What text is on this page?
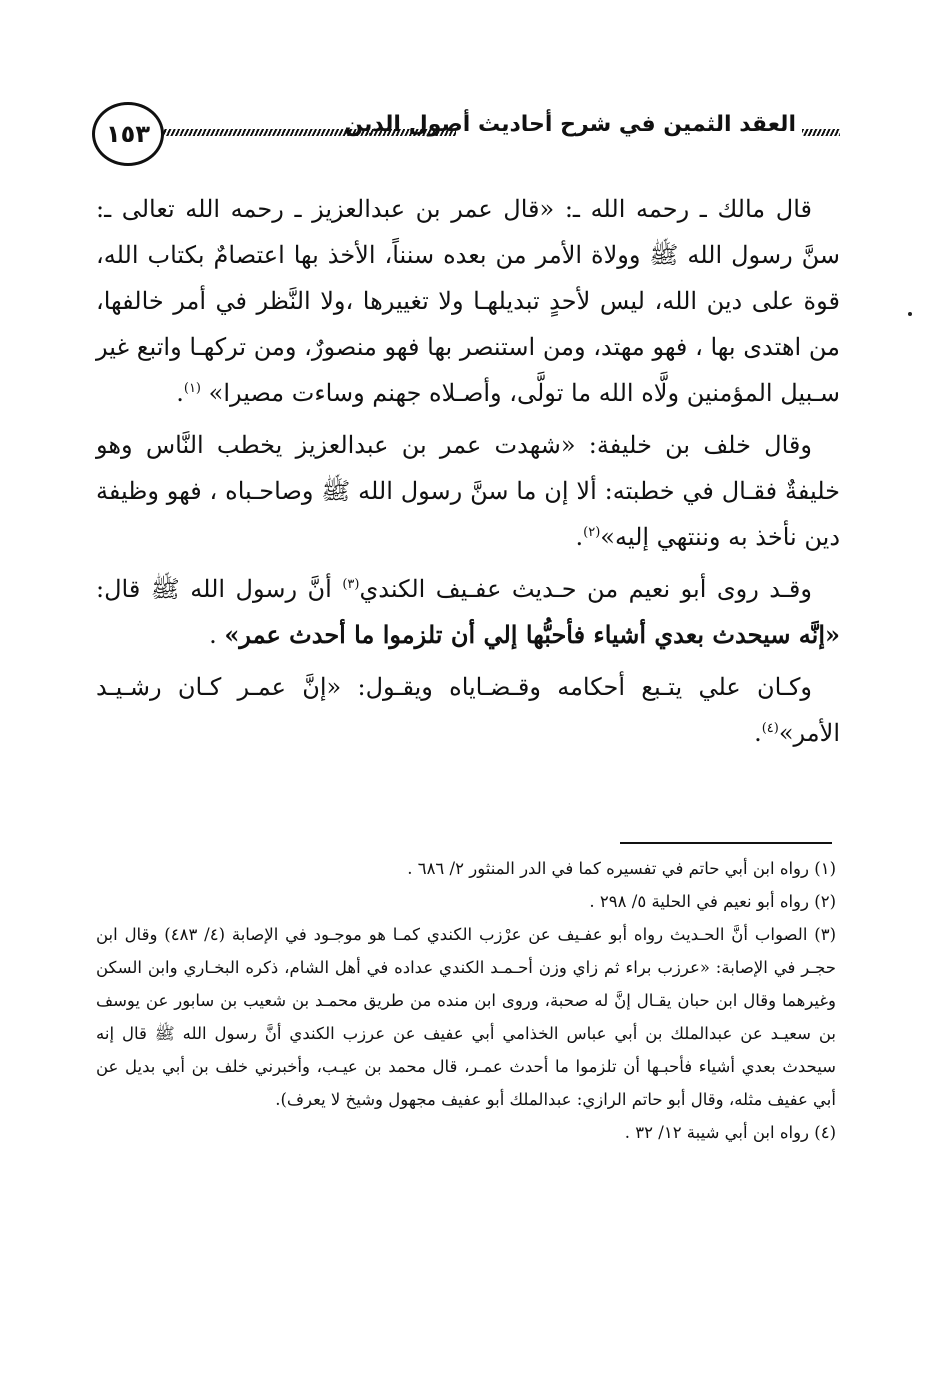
١٥٣	العقد الثمين في شرح أحاديث أصول الدين

قال مالك ـ رحمه الله ـ: «قال عمر بن عبدالعزيز ـ رحمه الله تعالى ـ: سنَّ رسول الله ﷺ وولاة الأمر من بعده سنناً، الأخذ بها اعتصامٌ بكتاب الله، قوة على دين الله، ليس لأحدٍ تبديلهـا ولا تغييرها ،ولا النَّظر في أمر خالفها، من اهتدى بها ، فهو مهتد، ومن استنصر بها فهو منصورٌ، ومن تركهـا واتبع غير سـبيل المؤمنين ولَّاه الله ما تولَّى، وأصـلاه جهنم وساءت مصيرا» $^{(١)}$.

وقال خلف بن خليفة: «شهدت عمر بن عبدالعزيز يخطب النَّاس وهو خليفةٌ فقـال في خطبته: ألا إن ما سنَّ رسول الله ﷺ وصاحـباه ، فهو وظيفة دين نأخذ به وننتهي إليه»$^{(٢)}$.

وقـد روى أبو نعيم من حـديث عفـيف الكندي$^{(٣)}$ أنَّ رسول الله ﷺ قال: «إنَّه سيحدث بعدي أشياء فأحبُّها إلي أن تلزموا ما أحدث عمر» .

وكـان علي يتـبع أحكامه وقـضـاياه ويقـول: «إنَّ عمـر كـان رشـيـد الأمر»$^{(٤)}$.

(١) رواه ابن أبي حاتم في تفسيره كما في الدر المنثور ٢/ ٦٨٦ .

(٢) رواه أبو نعيم في الحلية ٥/ ٢٩٨ .

(٣) الصواب أنَّ الحـديث رواه أبو عفـيف عن عرْزب الكندي كمـا هو موجـود في الإصابة (٤/ ٤٨٣) وقال ابن حجـر في الإصابة: «عرزب براء ثم زاي وزن أحـمـد الكندي عداده في أهل الشام، ذكره البخـاري وابن السكن وغيرهما وقال ابن حبان يقـال إنَّ له صحبة، وروى ابن منده من طريق محمـد بن شعيب بن سابور عن يوسف بن سعيـد عن عبدالملك بن أبي عباس الخذامي أبي عفيف عن عرزب الكندي أنَّ رسول الله ﷺ قال إنه سيحدث بعدي أشياء فأحبـها أن تلزموا ما أحدث عمـر، قال محمد بن عيـب، وأخبرني خلف بن أبي بديل عن أبي عفيف مثله، وقال أبو حاتم الرازي: عبدالملك أبو عفيف مجهول وشيخ لا يعرف).

(٤) رواه ابن أبي شيبة ١٢/ ٣٢ .
